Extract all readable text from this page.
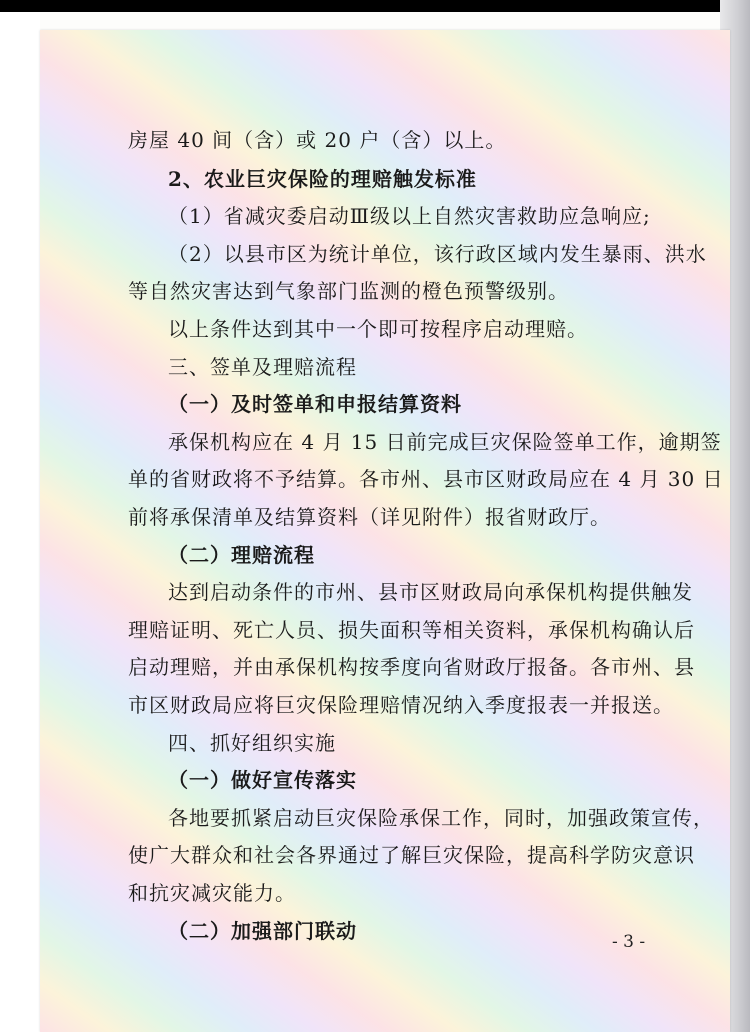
房屋 40 间（含）或 20 户（含）以上。
2、农业巨灾保险的理赔触发标准
（1）省减灾委启动Ⅲ级以上自然灾害救助应急响应;
（2）以县市区为统计单位，该行政区域内发生暴雨、洪水
等自然灾害达到气象部门监测的橙色预警级别。
以上条件达到其中一个即可按程序启动理赔。
三、签单及理赔流程
（一）及时签单和申报结算资料
承保机构应在 4 月 15 日前完成巨灾保险签单工作，逾期签
单的省财政将不予结算。各市州、县市区财政局应在 4 月 30 日
前将承保清单及结算资料（详见附件）报省财政厅。
（二）理赔流程
达到启动条件的市州、县市区财政局向承保机构提供触发
理赔证明、死亡人员、损失面积等相关资料，承保机构确认后
启动理赔，并由承保机构按季度向省财政厅报备。各市州、县
市区财政局应将巨灾保险理赔情况纳入季度报表一并报送。
四、抓好组织实施
（一）做好宣传落实
各地要抓紧启动巨灾保险承保工作，同时，加强政策宣传，
使广大群众和社会各界通过了解巨灾保险，提高科学防灾意识
和抗灾减灾能力。
（二）加强部门联动	- 3 -
